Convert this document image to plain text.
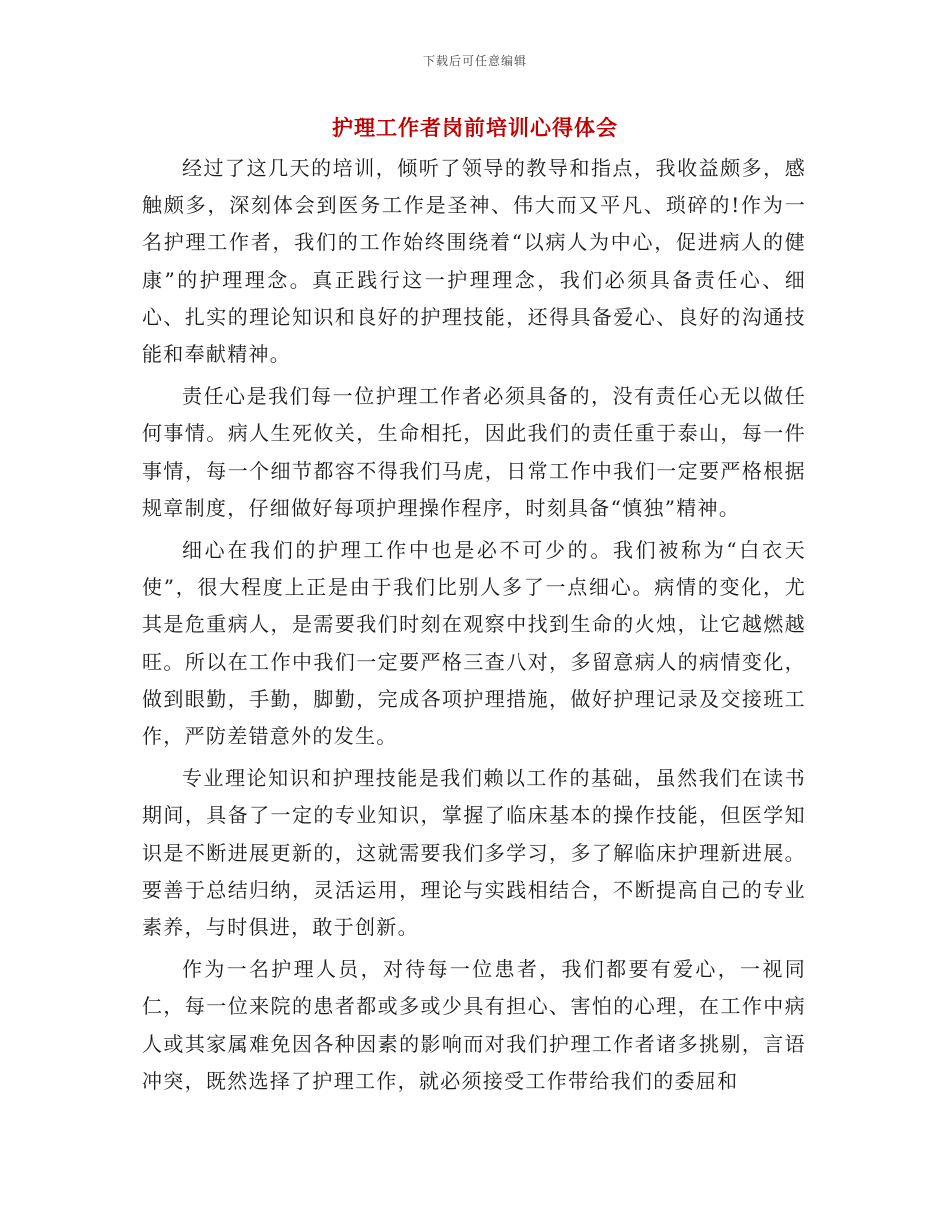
下载后可任意编辑
护理工作者岗前培训心得体会

经过了这几天的培训，倾听了领导的教导和指点，我收益颇多，感触颇多，深刻体会到医务工作是圣神、伟大而又平凡、琐碎的!作为一名护理工作者，我们的工作始终围绕着“以病人为中心，促进病人的健康”的护理理念。真正践行这一护理理念，我们必须具备责任心、细心、扎实的理论知识和良好的护理技能，还得具备爱心、良好的沟通技能和奉献精神。

责任心是我们每一位护理工作者必须具备的，没有责任心无以做任何事情。病人生死攸关，生命相托，因此我们的责任重于泰山，每一件事情，每一个细节都容不得我们马虎，日常工作中我们一定要严格根据规章制度，仔细做好每项护理操作程序，时刻具备“慎独”精神。

细心在我们的护理工作中也是必不可少的。我们被称为“白衣天使”，很大程度上正是由于我们比别人多了一点细心。病情的变化，尤其是危重病人，是需要我们时刻在观察中找到生命的火烛，让它越燃越旺。所以在工作中我们一定要严格三查八对，多留意病人的病情变化，做到眼勤，手勤，脚勤，完成各项护理措施，做好护理记录及交接班工作，严防差错意外的发生。

专业理论知识和护理技能是我们赖以工作的基础，虽然我们在读书期间，具备了一定的专业知识，掌握了临床基本的操作技能，但医学知识是不断进展更新的，这就需要我们多学习，多了解临床护理新进展。要善于总结归纳，灵活运用，理论与实践相结合，不断提高自己的专业素养，与时俱进，敢于创新。

作为一名护理人员，对待每一位患者，我们都要有爱心，一视同仁，每一位来院的患者都或多或少具有担心、害怕的心理，在工作中病人或其家属难免因各种因素的影响而对我们护理工作者诸多挑剔，言语冲突，既然选择了护理工作，就必须接受工作带给我们的委屈和
